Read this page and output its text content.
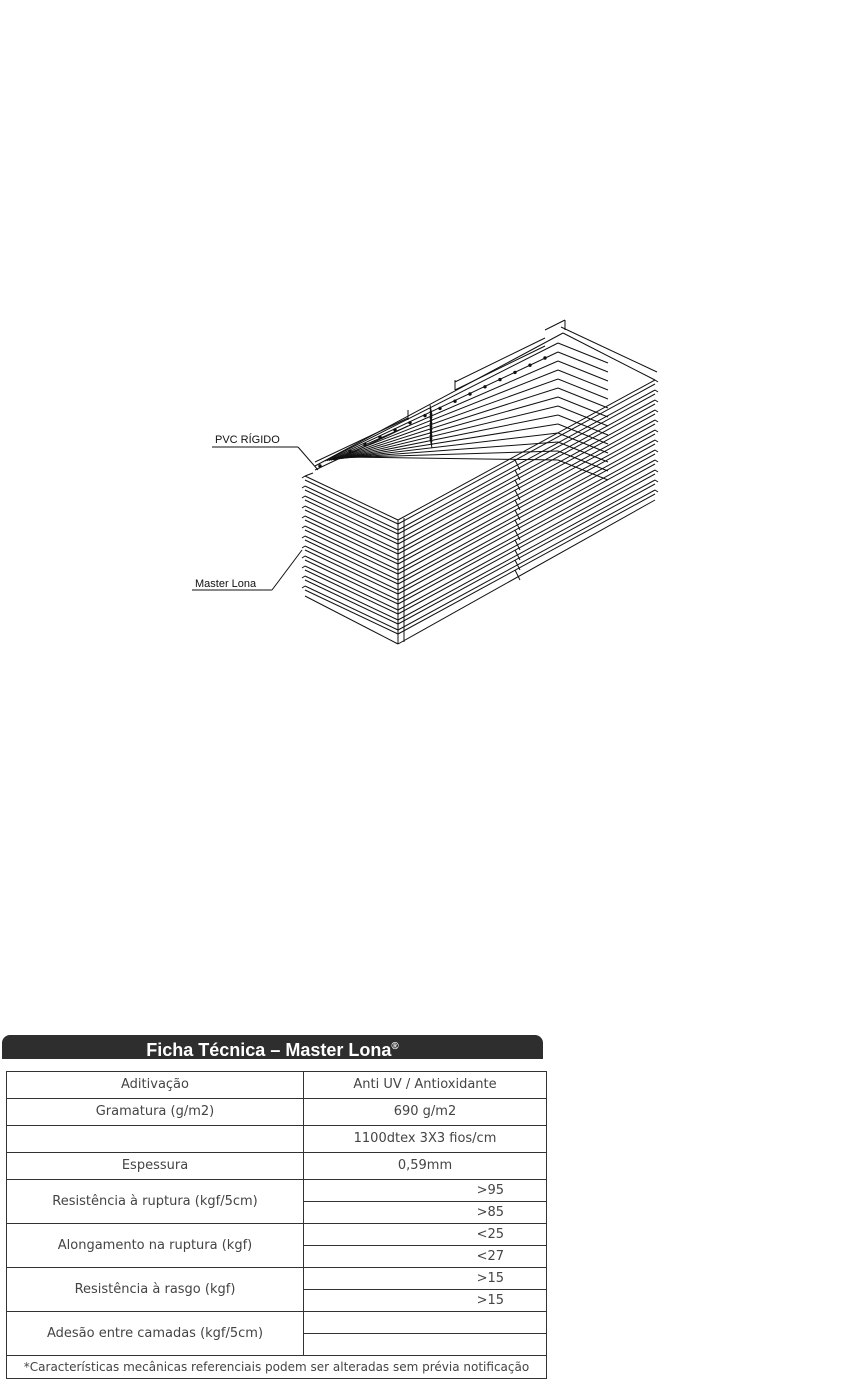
PVC RÍGIDO
Master Lona
Ficha Técnica – Master Lona®
Aditivação	Anti UV / Antioxidante
Gramatura (g/m2)	690 g/m2
	1100dtex 3X3 fios/cm
Espessura	0,59mm
Resistência à ruptura (kgf/5cm)	>95
	>85
Alongamento na ruptura (kgf)	<25
	<27
Resistência à rasgo (kgf)	>15
	>15
Adesão entre camadas (kgf/5cm)	

*Características mecânicas referenciais podem ser alteradas sem prévia notificação	
